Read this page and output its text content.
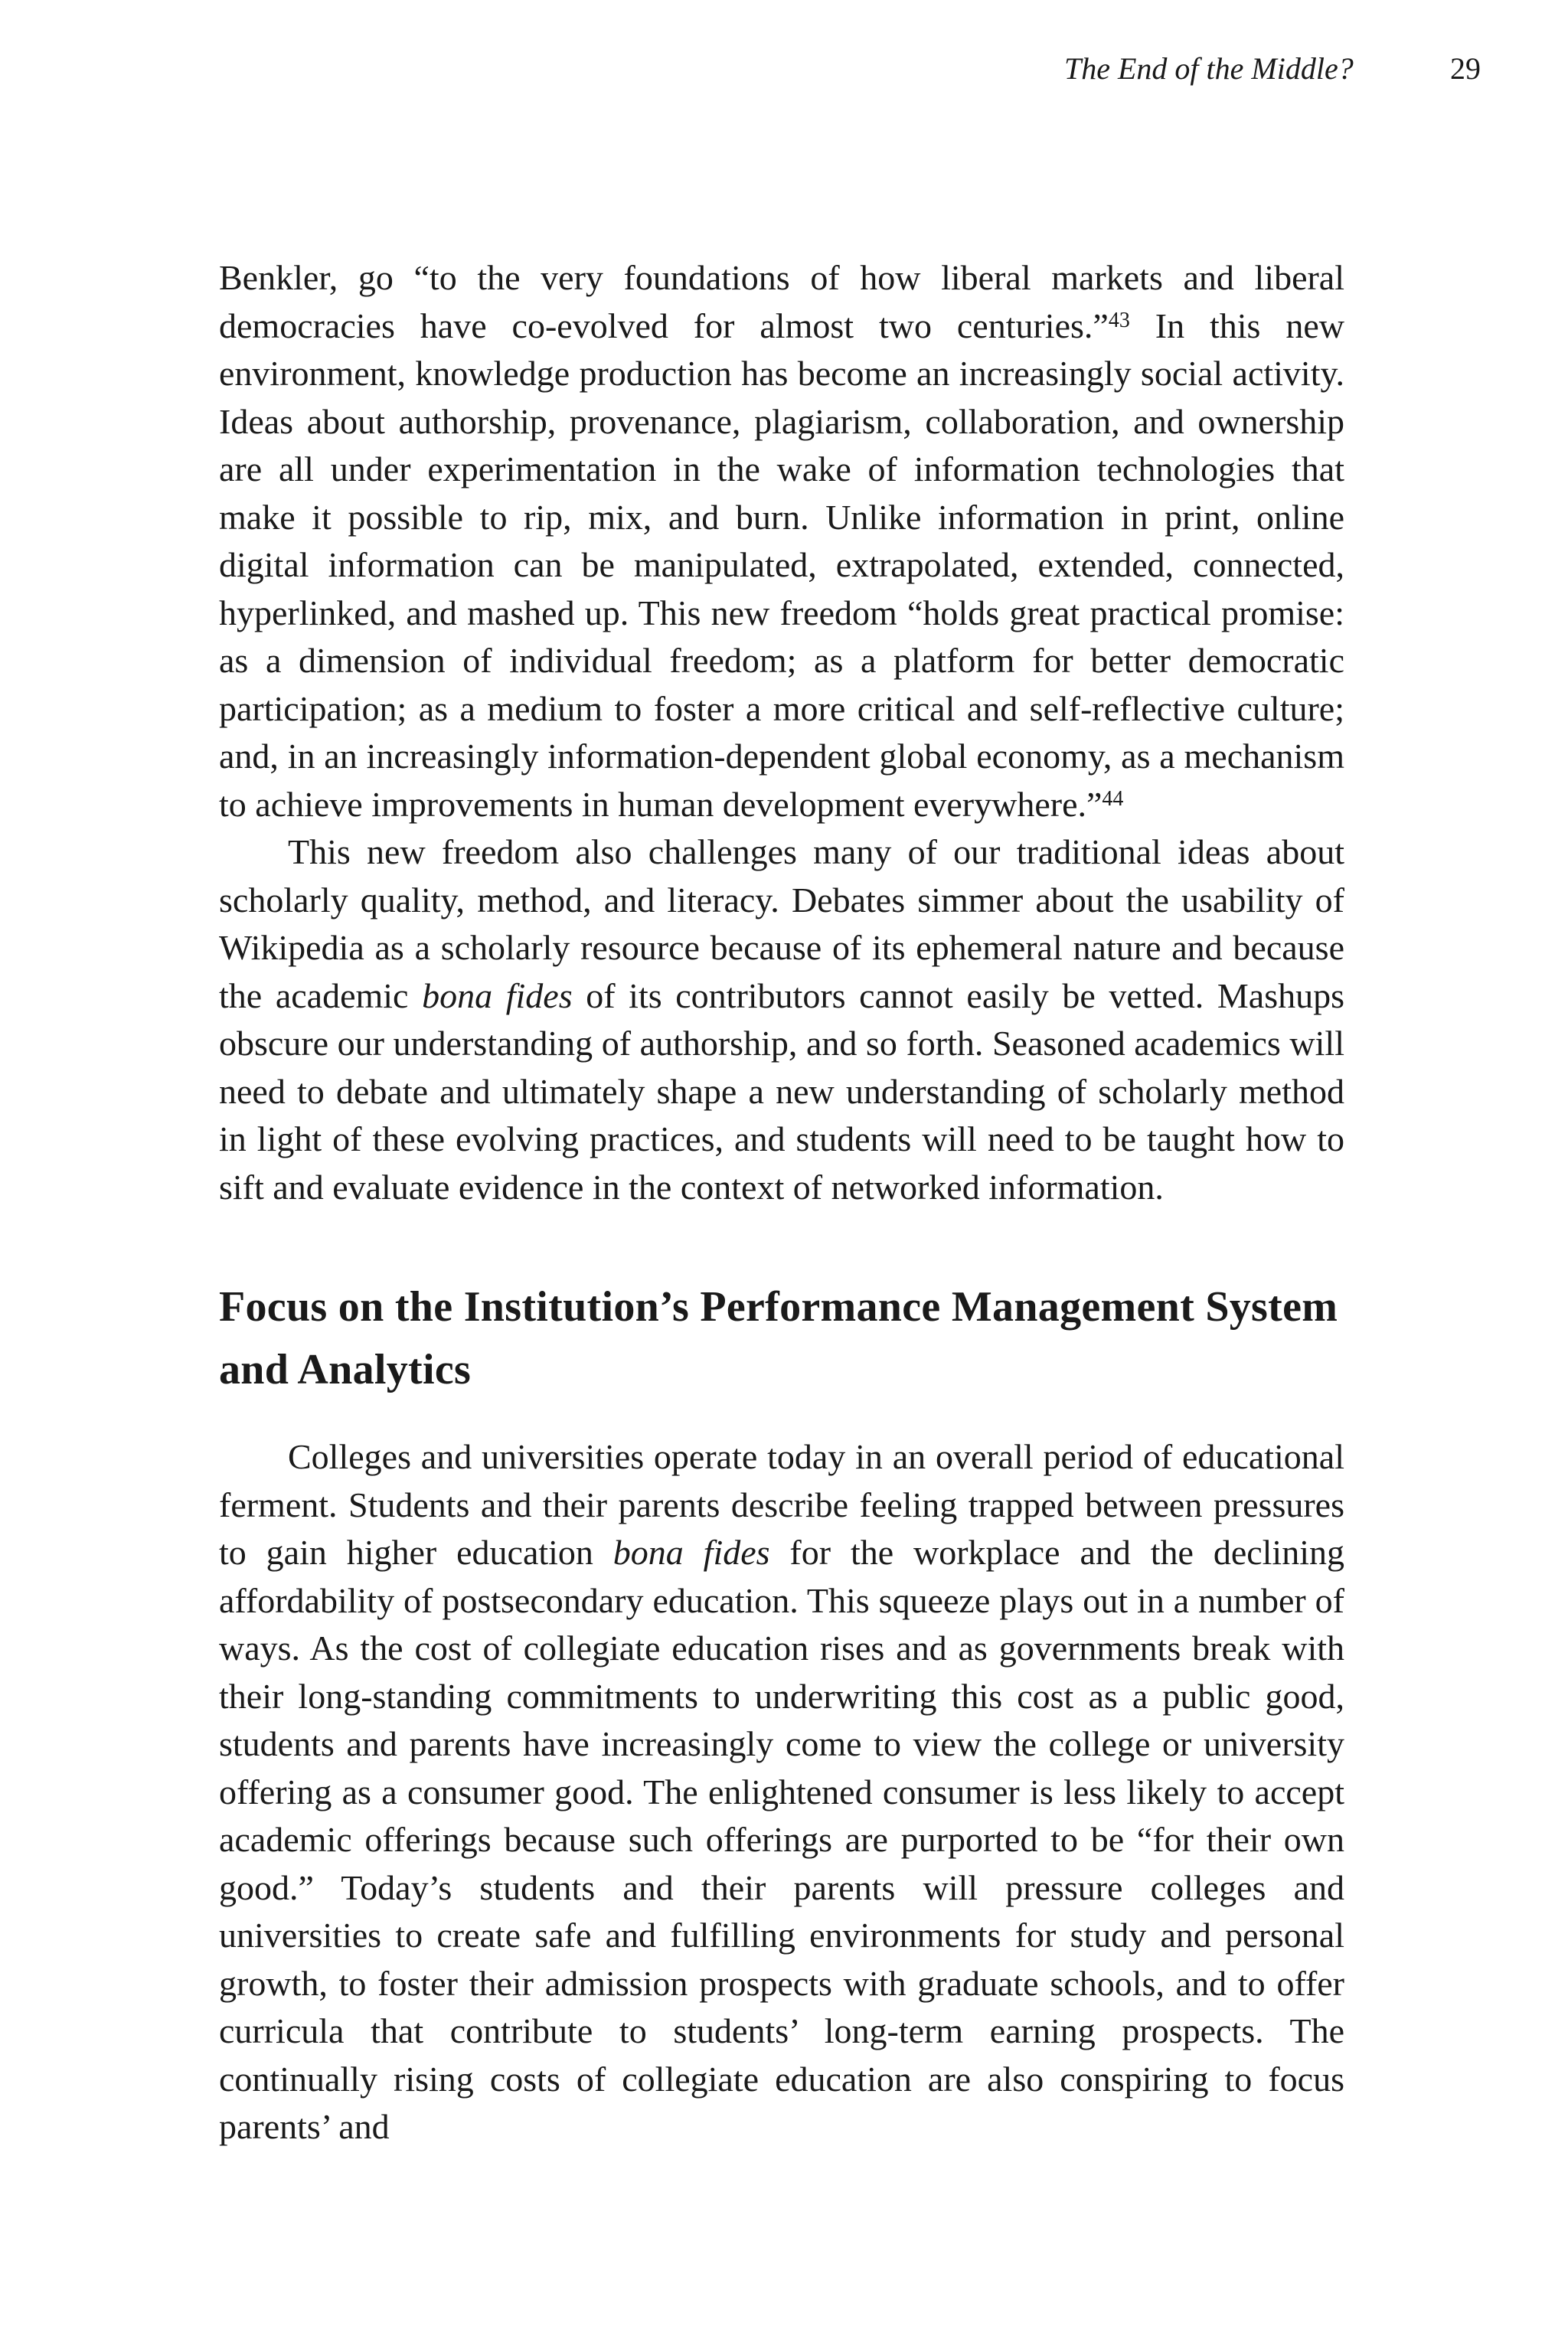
The End of the Middle?	29

Benkler, go “to the very foundations of how liberal markets and liberal democracies have co-evolved for almost two centuries.”$^{43}$ In this new environment, knowledge production has become an increasingly social activity. Ideas about authorship, provenance, plagiarism, collaboration, and ownership are all under experimentation in the wake of information technologies that make it possible to rip, mix, and burn. Unlike information in print, online digital information can be manipulated, extrapolated, extended, connected, hyperlinked, and mashed up. This new freedom “holds great practical promise: as a dimension of individual freedom; as a platform for better democratic participation; as a medium to foster a more critical and self-reflective culture; and, in an increasingly information-dependent global economy, as a mechanism to achieve improvements in human development everywhere.”$^{44}$

This new freedom also challenges many of our traditional ideas about scholarly quality, method, and literacy. Debates simmer about the usability of Wikipedia as a scholarly resource because of its ephemeral nature and because the academic bona fides of its contributors cannot easily be vetted. Mashups obscure our understanding of authorship, and so forth. Seasoned academics will need to debate and ultimately shape a new understanding of scholarly method in light of these evolving practices, and students will need to be taught how to sift and evaluate evidence in the context of networked information.

Focus on the Institution’s Performance Management System and Analytics

Colleges and universities operate today in an overall period of educational ferment. Students and their parents describe feeling trapped between pressures to gain higher education bona fides for the workplace and the declining affordability of postsecondary education. This squeeze plays out in a number of ways. As the cost of collegiate education rises and as governments break with their long-standing commitments to underwriting this cost as a public good, students and parents have increasingly come to view the college or university offering as a consumer good. The enlightened consumer is less likely to accept academic offerings because such offerings are purported to be “for their own good.” Today’s students and their parents will pressure colleges and universities to create safe and fulfilling environments for study and personal growth, to foster their admission prospects with graduate schools, and to offer curricula that contribute to students’ long-term earning prospects. The continually rising costs of collegiate education are also conspiring to focus parents’ and
